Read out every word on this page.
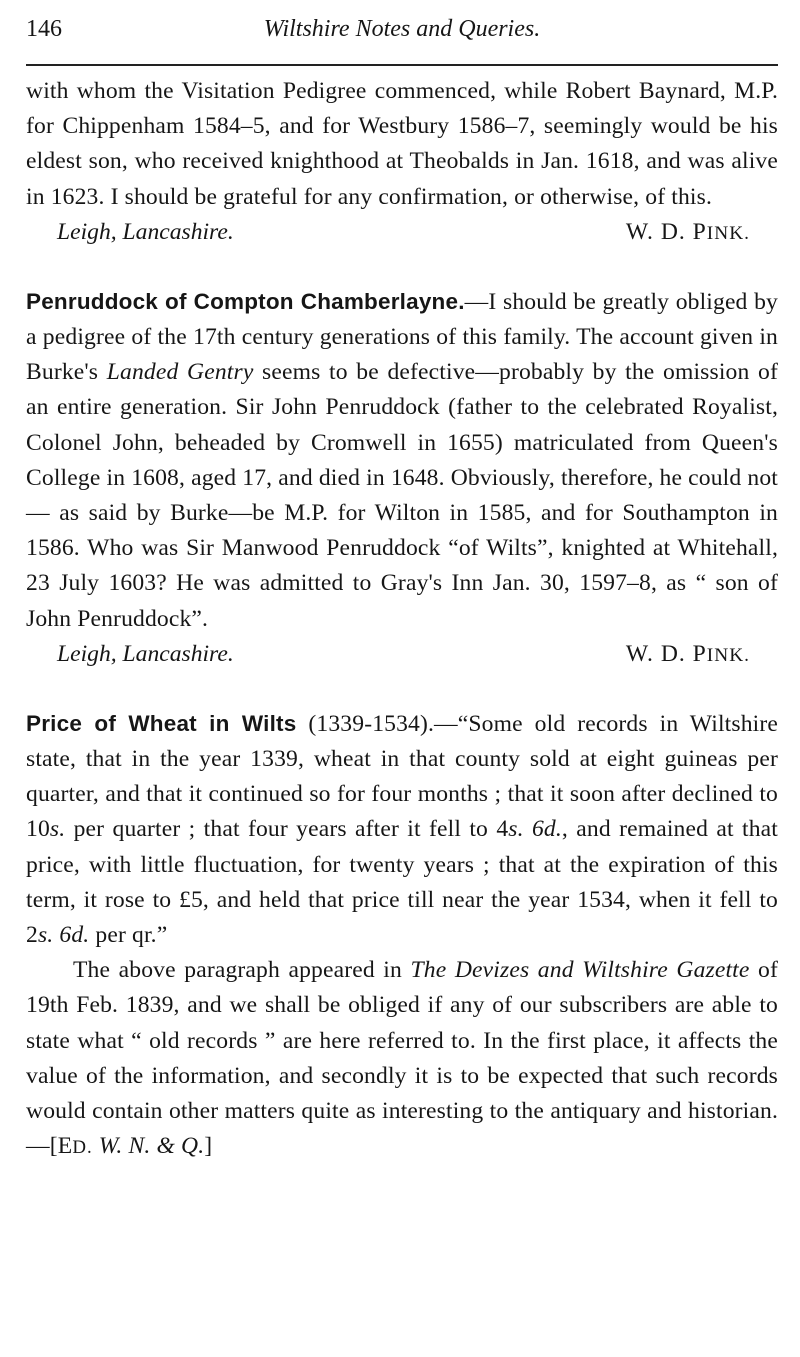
146	Wiltshire Notes and Queries.

with whom the Visitation Pedigree commenced, while Robert Baynard, M.P. for Chippenham 1584–5, and for Westbury 1586–7, seemingly would be his eldest son, who received knighthood at Theobalds in Jan. 1618, and was alive in 1623. I should be grateful for any confirmation, or otherwise, of this.

Leigh, Lancashire.	W. D. PINK.

Penruddock of Compton Chamberlayne.—I should be greatly obliged by a pedigree of the 17th century generations of this family. The account given in Burke's Landed Gentry seems to be defective—probably by the omission of an entire generation. Sir John Penruddock (father to the celebrated Royalist, Colonel John, beheaded by Cromwell in 1655) matriculated from Queen's College in 1608, aged 17, and died in 1648. Obviously, therefore, he could not— as said by Burke—be M.P. for Wilton in 1585, and for Southampton in 1586. Who was Sir Manwood Penruddock “of Wilts”, knighted at Whitehall, 23 July 1603? He was admitted to Gray's Inn Jan. 30, 1597–8, as “ son of John Penruddock”.

Leigh, Lancashire.	W. D. PINK.

Price of Wheat in Wilts (1339-1534).—“Some old records in Wiltshire state, that in the year 1339, wheat in that county sold at eight guineas per quarter, and that it continued so for four months ; that it soon after declined to 10s. per quarter ; that four years after it fell to 4s. 6d., and remained at that price, with little fluctuation, for twenty years ; that at the expiration of this term, it rose to £5, and held that price till near the year 1534, when it fell to 2s. 6d. per qr.”

The above paragraph appeared in The Devizes and Wiltshire Gazette of 19th Feb. 1839, and we shall be obliged if any of our subscribers are able to state what “ old records ” are here referred to. In the first place, it affects the value of the information, and secondly it is to be expected that such records would contain other matters quite as interesting to the antiquary and historian.—[ED. W. N. & Q.]
